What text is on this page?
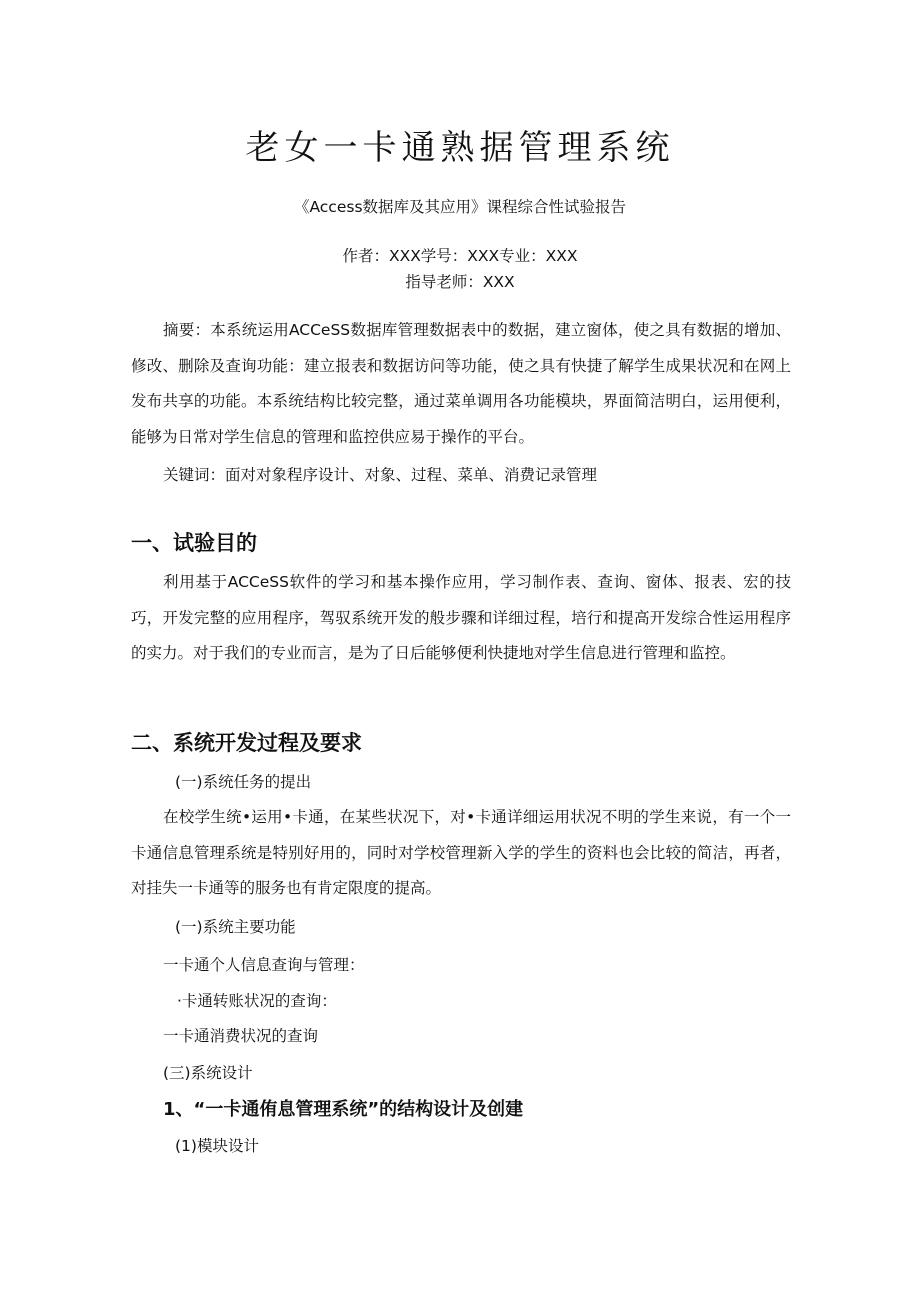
老女一卡通熟据管理系统
《Access数据库及其应用》课程综合性试验报告
作者：XXX学号：XXX专业：XXX
指导老师：XXX
摘要：本系统运用ACCeSS数据库管理数据表中的数据，建立窗体，使之具有数据的增加、修改、删除及查询功能：建立报表和数据访问等功能，使之具有快捷了解学生成果状况和在网上发布共享的功能。本系统结构比较完整，通过菜单调用各功能模块，界面简洁明白，运用便利，能够为日常对学生信息的管理和监控供应易于操作的平台。
关键词：面对对象程序设计、对象、过程、菜单、消费记录管理
一、试验目的
利用基于ACCeSS软件的学习和基本操作应用，学习制作表、查询、窗体、报表、宏的技巧，开发完整的应用程序，驾驭系统开发的般步骤和详细过程，培行和提高开发综合性运用程序的实力。对于我们的专业而言，是为了日后能够便利快捷地对学生信息进行管理和监控。
二、系统开发过程及要求
(一)系统任务的提出
在校学生统•运用•卡通，在某些状况下，对•卡通详细运用状况不明的学生来说，有一个一卡通信息管理系统是特别好用的，同时对学校管理新入学的学生的资料也会比较的简洁，再者，对挂失一卡通等的服务也有肯定限度的提高。
(一)系统主要功能
一卡通个人信息查询与管理：
·卡通转账状况的查询：
一卡通消费状况的查询
(三)系统设计
1、“一卡通侑息管理系统”的结构设计及创建
(1)模块设计
